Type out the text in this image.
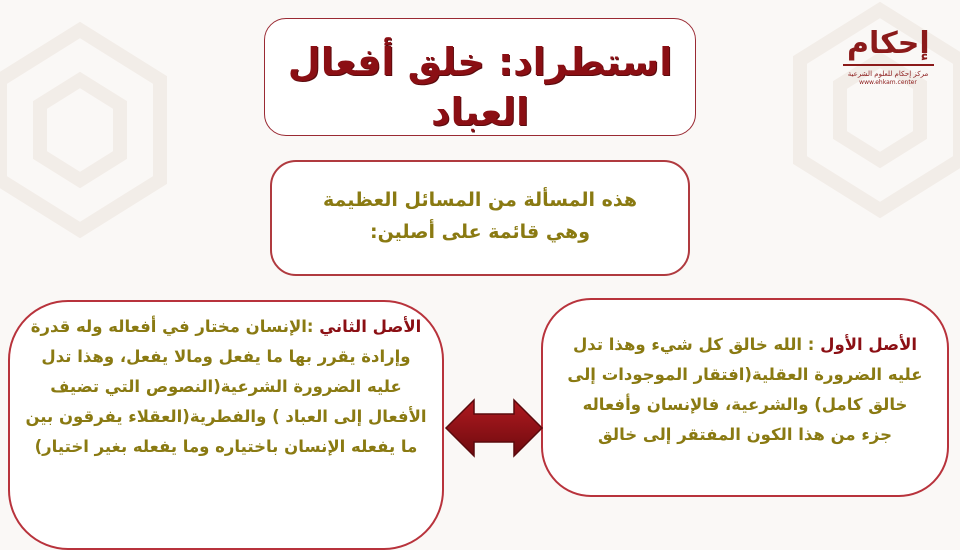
إحكام
مركز إحكام للعلوم الشرعية
www.ehkam.center
استطراد: خلق أفعال
العباد
هذه المسألة من المسائل العظيمة
وهي قائمة على أصلين:
الأصل الثاني :الإنسان مختار في أفعاله وله قدرة وإرادة يقرر بها ما يفعل ومالا يفعل، وهذا تدل عليه الضرورة الشرعية(النصوص التي تضيف الأفعال إلى العباد ) والفطرية(العقلاء يفرقون بين ما يفعله الإنسان باختياره وما يفعله بغير اختيار)
الأصل الأول : الله خالق كل شيء وهذا تدل عليه الضرورة العقلية(افتقار الموجودات إلى خالق كامل) والشرعية، فالإنسان وأفعاله جزء من هذا الكون المفتقر إلى خالق
